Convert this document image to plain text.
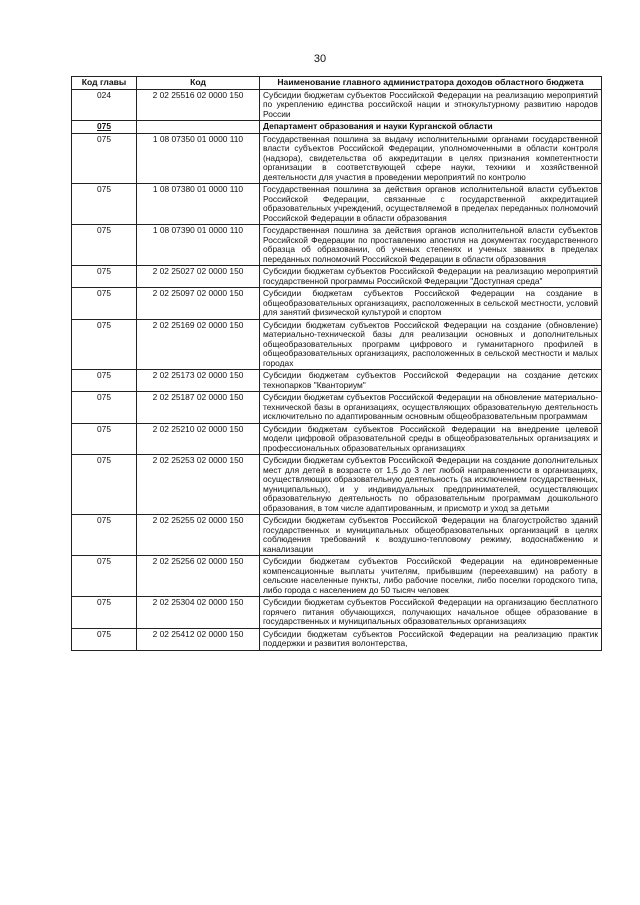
30
Код главы	Код	Наименование главного администратора доходов областного бюджета
024	2 02 25516 02 0000 150	Субсидии бюджетам субъектов Российской Федерации на реализацию мероприятий по укреплению единства российской нации и этнокультурному развитию народов России
075		Департамент образования и науки Курганской области
075	1 08 07350 01 0000 110	Государственная пошлина за выдачу исполнительными органами государственной власти субъектов Российской Федерации, уполномоченными в области контроля (надзора), свидетельства об аккредитации в целях признания компетентности организации в соответствующей сфере науки, техники и хозяйственной деятельности для участия в проведении мероприятий по контролю
075	1 08 07380 01 0000 110	Государственная пошлина за действия органов исполнительной власти субъектов Российской Федерации, связанные с государственной аккредитацией образовательных учреждений, осуществляемой в пределах переданных полномочий Российской Федерации в области образования
075	1 08 07390 01 0000 110	Государственная пошлина за действия органов исполнительной власти субъектов Российской Федерации по проставлению апостиля на документах государственного образца об образовании, об ученых степенях и ученых званиях в пределах переданных полномочий Российской Федерации в области образования
075	2 02 25027 02 0000 150	Субсидии бюджетам субъектов Российской Федерации на реализацию мероприятий государственной программы Российской Федерации "Доступная среда"
075	2 02 25097 02 0000 150	Субсидии бюджетам субъектов Российской Федерации на создание в общеобразовательных организациях, расположенных в сельской местности, условий для занятий физической культурой и спортом
075	2 02 25169 02 0000 150	Субсидии бюджетам субъектов Российской Федерации на создание (обновление) материально-технической базы для реализации основных и дополнительных общеобразовательных программ цифрового и гуманитарного профилей в общеобразовательных организациях, расположенных в сельской местности и малых городах
075	2 02 25173 02 0000 150	Субсидии бюджетам субъектов Российской Федерации на создание детских технопарков "Кванториум"
075	2 02 25187 02 0000 150	Субсидии бюджетам субъектов Российской Федерации на обновление материально-технической базы в организациях, осуществляющих образовательную деятельность исключительно по адаптированным основным общеобразовательным программам
075	2 02 25210 02 0000 150	Субсидии бюджетам субъектов Российской Федерации на внедрение целевой модели цифровой образовательной среды в общеобразовательных организациях и профессиональных образовательных организациях
075	2 02 25253 02 0000 150	Субсидии бюджетам субъектов Российской Федерации на создание дополнительных мест для детей в возрасте от 1,5 до 3 лет любой направленности в организациях, осуществляющих образовательную деятельность (за исключением государственных, муниципальных), и у индивидуальных предпринимателей, осуществляющих образовательную деятельность по образовательным программам дошкольного образования, в том числе адаптированным, и присмотр и уход за детьми
075	2 02 25255 02 0000 150	Субсидии бюджетам субъектов Российской Федерации на благоустройство зданий государственных и муниципальных общеобразовательных организаций в целях соблюдения требований к воздушно-тепловому режиму, водоснабжению и канализации
075	2 02 25256 02 0000 150	Субсидии бюджетам субъектов Российской Федерации на единовременные компенсационные выплаты учителям, прибывшим (переехавшим) на работу в сельские населенные пункты, либо рабочие поселки, либо поселки городского типа, либо города с населением до 50 тысяч человек
075	2 02 25304 02 0000 150	Субсидии бюджетам субъектов Российской Федерации на организацию бесплатного горячего питания обучающихся, получающих начальное общее образование в государственных и муниципальных образовательных организациях
075	2 02 25412 02 0000 150	Субсидии бюджетам субъектов Российской Федерации на реализацию практик поддержки и развития волонтерства,
